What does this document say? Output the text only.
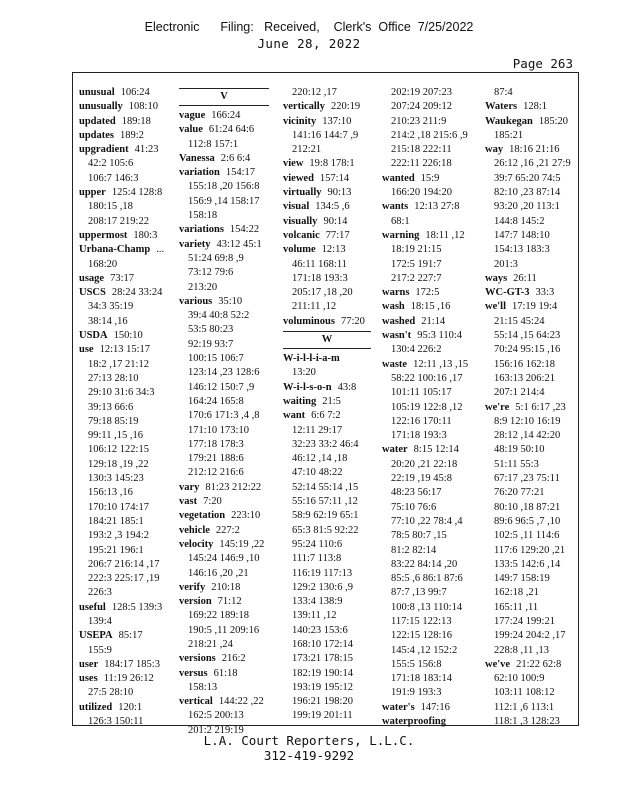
Electronic      Filing:   Received,    Clerk's  Office  7/25/2022
June 28, 2022
Page 263
unusual 106:24
unusually 108:10
updated 189:18
updates 189:2
upgradient 41:23
42:2 105:6
106:7 146:3
upper 125:4 128:8
180:15 ,18
208:17 219:22
uppermost 180:3
Urbana-Champ ...
168:20
usage 73:17
USCS 28:24 33:24
34:3 35:19
38:14 ,16
USDA 150:10
use 12:13 15:17
18:2 ,17 21:12
27:13 28:10
29:10 31:6 34:3
39:13 66:6
79:18 85:19
99:11 ,15 ,16
106:12 122:15
129:18 ,19 ,22
130:3 145:23
156:13 ,16
170:10 174:17
184:21 185:1
193:2 ,3 194:2
195:21 196:1
206:7 216:14 ,17
222:3 225:17 ,19
226:3
useful 128:5 139:3
139:4
USEPA 85:17
155:9
user 184:17 185:3
uses 11:19 26:12
27:5 28:10
utilized 120:1
126:3 150:11
V
vague 166:24
value 61:24 64:6
112:8 157:1
Vanessa 2:6 6:4
variation 154:17
155:18 ,20 156:8
156:9 ,14 158:17
158:18
variations 154:22
variety 43:12 45:1
51:24 69:8 ,9
73:12 79:6
213:20
various 35:10
39:4 40:8 52:2
53:5 80:23
92:19 93:7
100:15 106:7
123:14 ,23 128:6
146:12 150:7 ,9
164:24 165:8
170:6 171:3 ,4 ,8
171:10 173:10
177:18 178:3
179:21 188:6
212:12 216:6
vary 81:23 212:22
vast 7:20
vegetation 223:10
vehicle 227:2
velocity 145:19 ,22
145:24 146:9 ,10
146:16 ,20 ,21
verify 210:18
version 71:12
169:22 189:18
190:5 ,11 209:16
218:21 ,24
versions 216:2
versus 61:18
158:13
vertical 144:22 ,22
162:5 200:13
201:2 219:19
220:12 ,17
vertically 220:19
vicinity 137:10
141:16 144:7 ,9
212:21
view 19:8 178:1
viewed 157:14
virtually 90:13
visual 134:5 ,6
visually 90:14
volcanic 77:17
volume 12:13
46:11 168:11
171:18 193:3
205:17 ,18 ,20
211:11 ,12
voluminous 77:20
W
W-i-l-l-i-a-m
13:20
W-i-l-s-o-n 43:8
waiting 21:5
want 6:6 7:2
12:11 29:17
32:23 33:2 46:4
46:12 ,14 ,18
47:10 48:22
52:14 55:14 ,15
55:16 57:11 ,12
58:9 62:19 65:1
65:3 81:5 92:22
95:24 110:6
111:7 113:8
116:19 117:13
129:2 130:6 ,9
133:4 138:9
139:11 ,12
140:23 153:6
168:10 172:14
173:21 178:15
182:19 190:14
193:19 195:12
196:21 198:20
199:19 201:11
202:19 207:23
207:24 209:12
210:23 211:9
214:2 ,18 215:6 ,9
215:18 222:11
222:11 226:18
wanted 15:9
166:20 194:20
wants 12:13 27:8
68:1
warning 18:11 ,12
18:19 21:15
172:5 191:7
217:2 227:7
warns 172:5
wash 18:15 ,16
washed 21:14
wasn't 95:3 110:4
130:4 226:2
waste 12:11 ,13 ,15
58:22 100:16 ,17
101:11 105:17
105:19 122:8 ,12
122:16 170:11
171:18 193:3
water 8:15 12:14
20:20 ,21 22:18
22:19 ,19 45:8
48:23 56:17
75:10 76:6
77:10 ,22 78:4 ,4
78:5 80:7 ,15
81:2 82:14
83:22 84:14 ,20
85:5 ,6 86:1 87:6
87:7 ,13 99:7
100:8 ,13 110:14
117:15 122:13
122:15 128:16
145:4 ,12 152:2
155:5 156:8
171:18 183:14
191:9 193:3
water's 147:16
waterproofing
87:4
Waters 128:1
Waukegan 185:20
185:21
way 18:16 21:16
26:12 ,16 ,21 27:9
39:7 65:20 74:5
82:10 ,23 87:14
93:20 ,20 113:1
144:8 145:2
147:7 148:10
154:13 183:3
201:3
ways 26:11
WC-GT-3 33:3
we'll 17:19 19:4
21:15 45:24
55:14 ,15 64:23
70:24 95:15 ,16
156:16 162:18
163:13 206:21
207:1 214:4
we're 5:1 6:17 ,23
8:9 12:10 16:19
28:12 ,14 42:20
48:19 50:10
51:11 55:3
67:17 ,23 75:11
76:20 77:21
80:10 ,18 87:21
89:6 96:5 ,7 ,10
102:5 ,11 114:6
117:6 129:20 ,21
133:5 142:6 ,14
149:7 158:19
162:18 ,21
165:11 ,11
177:24 199:21
199:24 204:2 ,17
228:8 ,11 ,13
we've 21:22 62:8
62:10 100:9
103:11 108:12
112:1 ,6 113:1
118:1 ,3 128:23
L.A. Court Reporters, L.L.C.
312-419-9292
